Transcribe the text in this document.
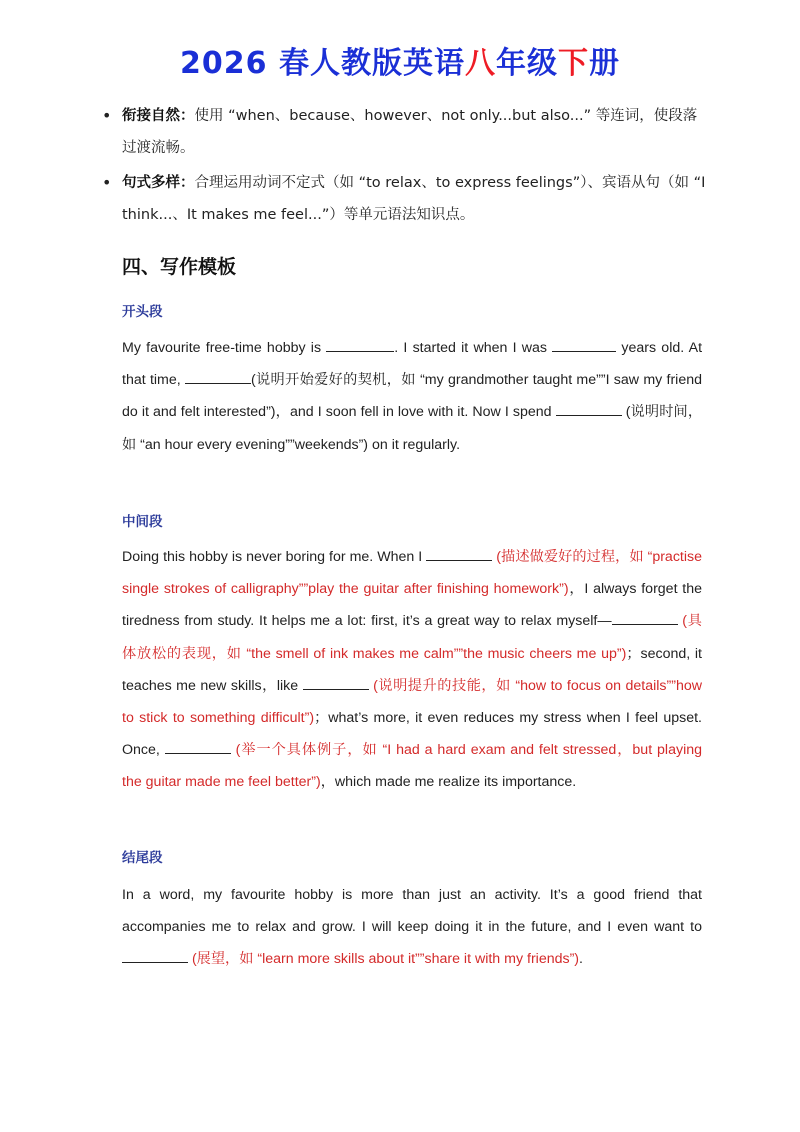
2026 春人教版英语八年级下册
• 衔接自然：使用 “when、because、however、not only...but also...” 等连词，使段落过渡流畅。
• 句式多样：合理运用动词不定式（如 “to relax、to express feelings”）、宾语从句（如 “I think...、It makes me feel...”）等单元语法知识点。
四、写作模板
开头段
My favourite free-time hobby is	. I started it when I was	years old. At that time,	(说明开始爱好的契机，如 “my grandmother taught me””I saw my friend do it and felt interested”)，and I soon fell in love with it. Now I spend	(说明时间，如 “an hour every evening””weekends”) on it regularly.
中间段
Doing this hobby is never boring for me. When I	(描述做爱好的过程，如 “practise single strokes of calligraphy””play the guitar after finishing homework”)，I always forget the tiredness from study. It helps me a lot: first, it’s a great way to relax myself—	(具体放松的表现，如 “the smell of ink makes me calm””the music cheers me up”)；second, it teaches me new skills，like	(说明提升的技能，如 “how to focus on details””how to stick to something difficult”)；what’s more, it even reduces my stress when I feel upset. Once,	(举一个具体例子，如 “I had a hard exam and felt stressed，but playing the guitar made me feel better”)，which made me realize its importance.
结尾段
In a word, my favourite hobby is more than just an activity. It’s a good friend that accompanies me to relax and grow. I will keep doing it in the future, and I even want to  (展望，如 “learn more skills about it””share it with my friends”).
